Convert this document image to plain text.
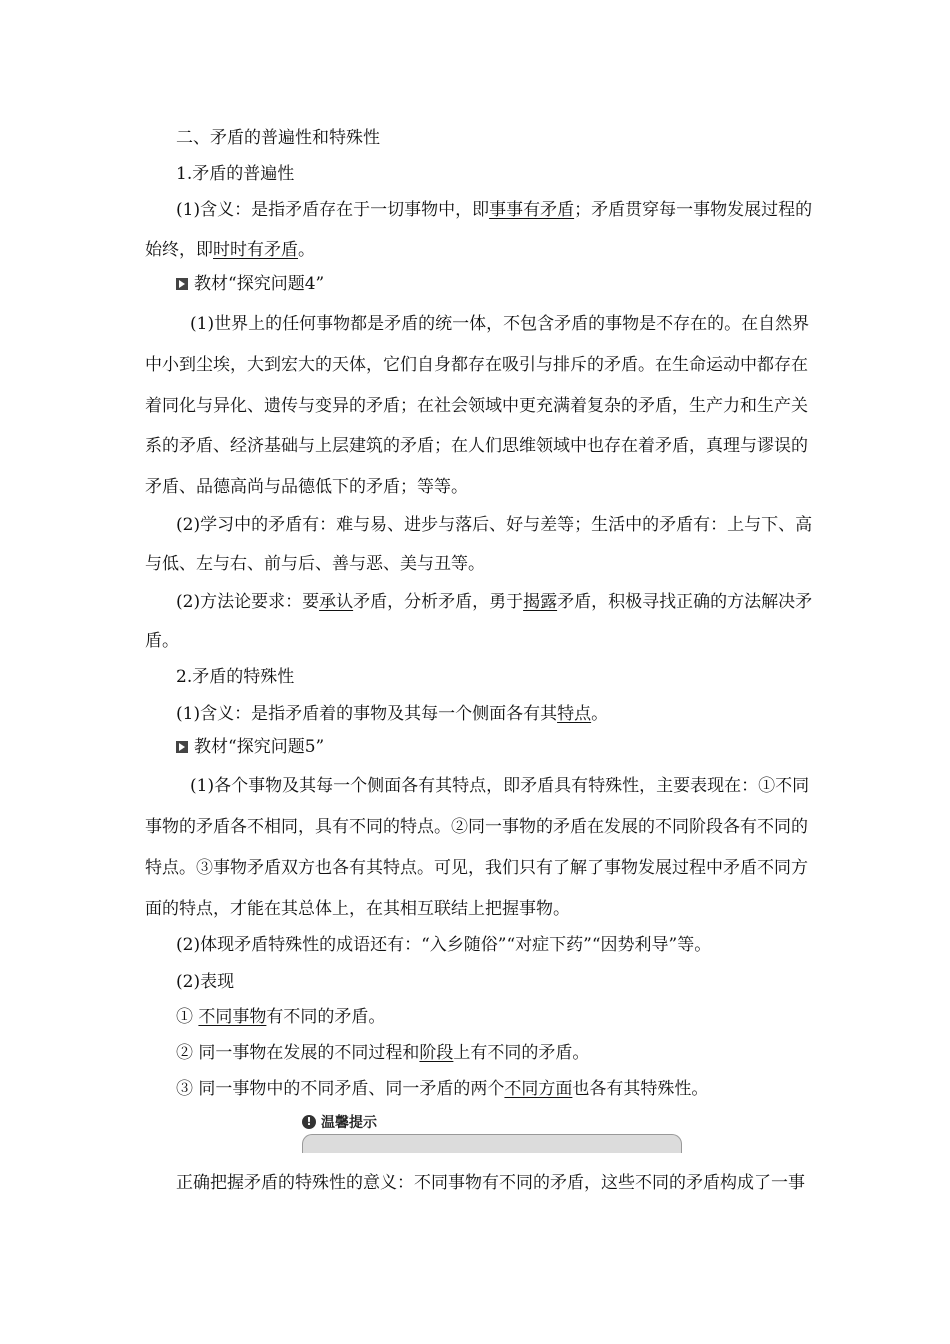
二、矛盾的普遍性和特殊性
1.矛盾的普遍性
(1)含义：是指矛盾存在于一切事物中，即事事有矛盾；矛盾贯穿每一事物发展过程的
始终，即时时有矛盾。
教材“探究问题4”
(1)世界上的任何事物都是矛盾的统一体，不包含矛盾的事物是不存在的。在自然界
中小到尘埃，大到宏大的天体，它们自身都存在吸引与排斥的矛盾。在生命运动中都存在
着同化与异化、遗传与变异的矛盾；在社会领域中更充满着复杂的矛盾，生产力和生产关
系的矛盾、经济基础与上层建筑的矛盾；在人们思维领域中也存在着矛盾，真理与谬误的
矛盾、品德高尚与品德低下的矛盾；等等。
(2)学习中的矛盾有：难与易、进步与落后、好与差等；生活中的矛盾有：上与下、高
与低、左与右、前与后、善与恶、美与丑等。
(2)方法论要求：要承认矛盾，分析矛盾，勇于揭露矛盾，积极寻找正确的方法解决矛
盾。
2.矛盾的特殊性
(1)含义：是指矛盾着的事物及其每一个侧面各有其特点。
教材“探究问题5”
(1)各个事物及其每一个侧面各有其特点，即矛盾具有特殊性，主要表现在：①不同
事物的矛盾各不相同，具有不同的特点。②同一事物的矛盾在发展的不同阶段各有不同的
特点。③事物矛盾双方也各有其特点。可见，我们只有了解了事物发展过程中矛盾不同方
面的特点，才能在其总体上，在其相互联结上把握事物。
(2)体现矛盾特殊性的成语还有：“入乡随俗”“对症下药”“因势利导”等。
(2)表现
① 不同事物有不同的矛盾。
② 同一事物在发展的不同过程和阶段上有不同的矛盾。
③ 同一事物中的不同矛盾、同一矛盾的两个不同方面也各有其特殊性。
! 温馨提示
正确把握矛盾的特殊性的意义：不同事物有不同的矛盾，这些不同的矛盾构成了一事
